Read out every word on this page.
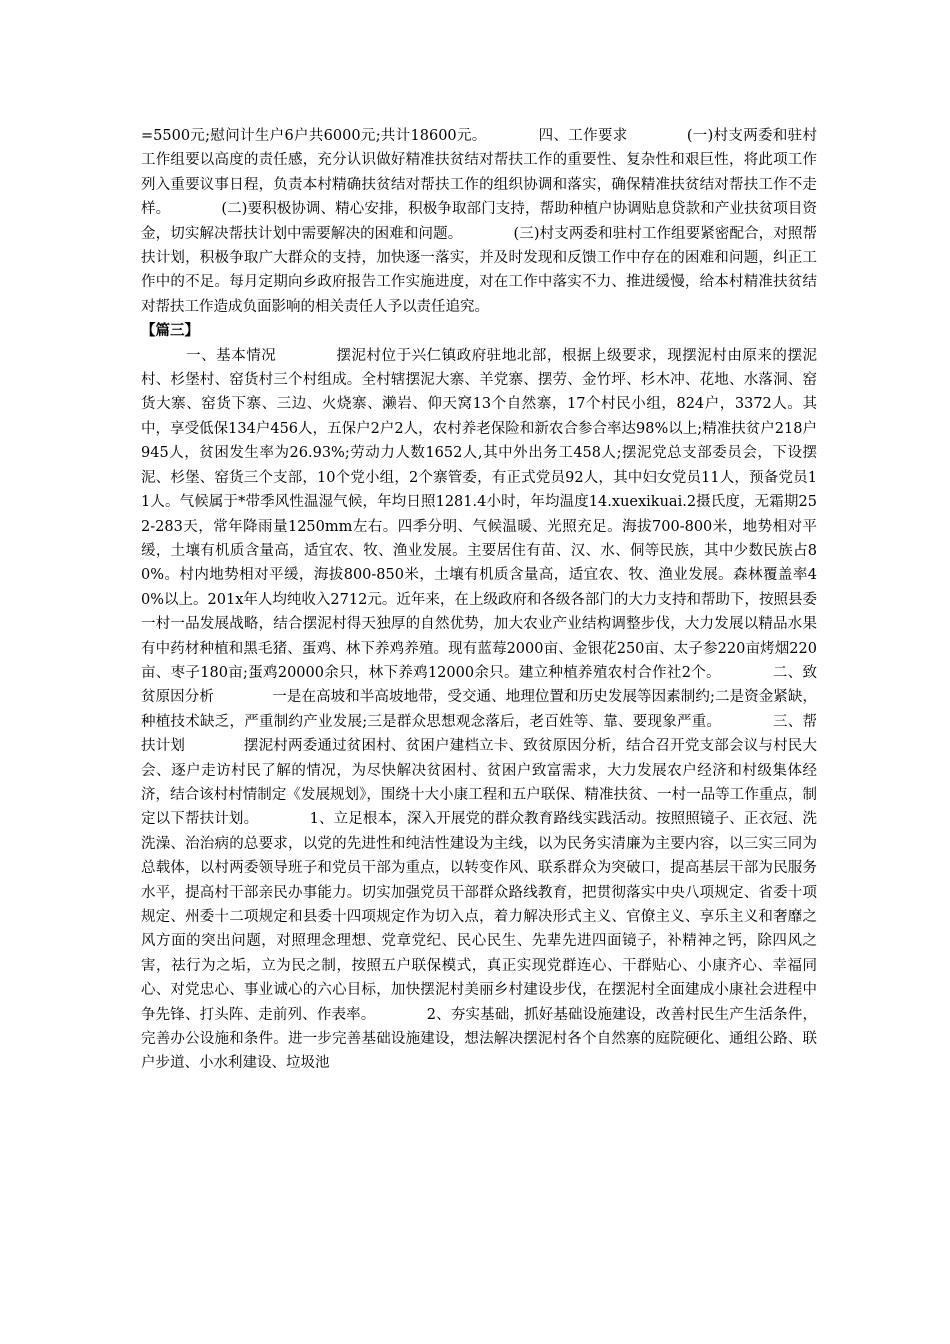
=5500元;慰问计生户6户共6000元;共计18600元。　　　　四、工作要求　　　　(一)村支两委和驻村工作组要以高度的责任感，充分认识做好精准扶贫结对帮扶工作的重要性、复杂性和艰巨性，将此项工作列入重要议事日程，负责本村精确扶贫结对帮扶工作的组织协调和落实，确保精准扶贫结对帮扶工作不走样。　　　　(二)要积极协调、精心安排，积极争取部门支持，帮助种植户协调贴息贷款和产业扶贫项目资金，切实解决帮扶计划中需要解决的困难和问题。　　　　(三)村支两委和驻村工作组要紧密配合，对照帮扶计划，积极争取广大群众的支持，加快逐一落实，并及时发现和反馈工作中存在的困难和问题，纠正工作中的不足。每月定期向乡政府报告工作实施进度，对在工作中落实不力、推进缓慢，给本村精准扶贫结对帮扶工作造成负面影响的相关责任人予以责任追究。

【篇三】

　　　一、基本情况　　　　摆泥村位于兴仁镇政府驻地北部，根据上级要求，现摆泥村由原来的摆泥村、杉堡村、窑货村三个村组成。全村辖摆泥大寨、羊党寨、摆劳、金竹坪、杉木冲、花地、水落洞、窑货大寨、窑货下寨、三边、火烧寨、濑岩、仰天窝13个自然寨，17个村民小组，824户，3372人。其中，享受低保134户456人，五保户2户2人，农村养老保险和新农合参合率达98%以上;精准扶贫户218户945人，贫困发生率为26.93%;劳动力人数1652人,其中外出务工458人;摆泥党总支部委员会，下设摆泥、杉堡、窑货三个支部，10个党小组，2个寨管委，有正式党员92人，其中妇女党员11人，预备党员11人。气候属于*带季风性温湿气候，年均日照1281.4小时，年均温度14.xuexikuai.2摄氏度，无霜期252-283天，常年降雨量1250mm左右。四季分明、气候温暖、光照充足。海拔700-800米，地势相对平缓，土壤有机质含量高，适宜农、牧、渔业发展。主要居住有苗、汉、水、侗等民族，其中少数民族占80%。村内地势相对平缓，海拔800-850米，土壤有机质含量高，适宜农、牧、渔业发展。森林覆盖率40%以上。201x年人均纯收入2712元。近年来，在上级政府和各级各部门的大力支持和帮助下，按照县委一村一品发展战略，结合摆泥村得天独厚的自然优势，加大农业产业结构调整步伐，大力发展以精品水果有中药材种植和黑毛猪、蛋鸡、林下养鸡养殖。现有蓝莓2000亩、金银花250亩、太子参220亩烤烟220亩、枣子180亩;蛋鸡20000余只，林下养鸡12000余只。建立种植养殖农村合作社2个。　　　　二、致贫原因分析　　　　一是在高坡和半高坡地带，受交通、地理位置和历史发展等因素制约;二是资金紧缺，种植技术缺乏，严重制约产业发展;三是群众思想观念落后，老百姓等、靠、要现象严重。　　　　三、帮扶计划　　　　摆泥村两委通过贫困村、贫困户建档立卡、致贫原因分析，结合召开党支部会议与村民大会、逐户走访村民了解的情况，为尽快解决贫困村、贫困户致富需求，大力发展农户经济和村级集体经济，结合该村村情制定《发展规划》，围绕十大小康工程和五户联保、精准扶贫、一村一品等工作重点，制定以下帮扶计划。　　　　1、立足根本，深入开展党的群众教育路线实践活动。按照照镜子、正衣冠、洗洗澡、治治病的总要求，以党的先进性和纯洁性建设为主线，以为民务实清廉为主要内容，以三实三同为总载体，以村两委领导班子和党员干部为重点，以转变作风、联系群众为突破口，提高基层干部为民服务水平，提高村干部亲民办事能力。切实加强党员干部群众路线教育，把贯彻落实中央八项规定、省委十项规定、州委十二项规定和县委十四项规定作为切入点，着力解决形式主义、官僚主义、享乐主义和奢靡之风方面的突出问题，对照理念理想、党章党纪、民心民生、先辈先进四面镜子，补精神之钙，除四风之害，祛行为之垢，立为民之制，按照五户联保模式，真正实现党群连心、干群贴心、小康齐心、幸福同心、对党忠心、事业诚心的六心目标，加快摆泥村美丽乡村建设步伐，在摆泥村全面建成小康社会进程中争先锋、打头阵、走前列、作表率。　　　　2、夯实基础，抓好基础设施建设，改善村民生产生活条件，完善办公设施和条件。进一步完善基础设施建设，想法解决摆泥村各个自然寨的庭院硬化、通组公路、联户步道、小水利建设、垃圾池
